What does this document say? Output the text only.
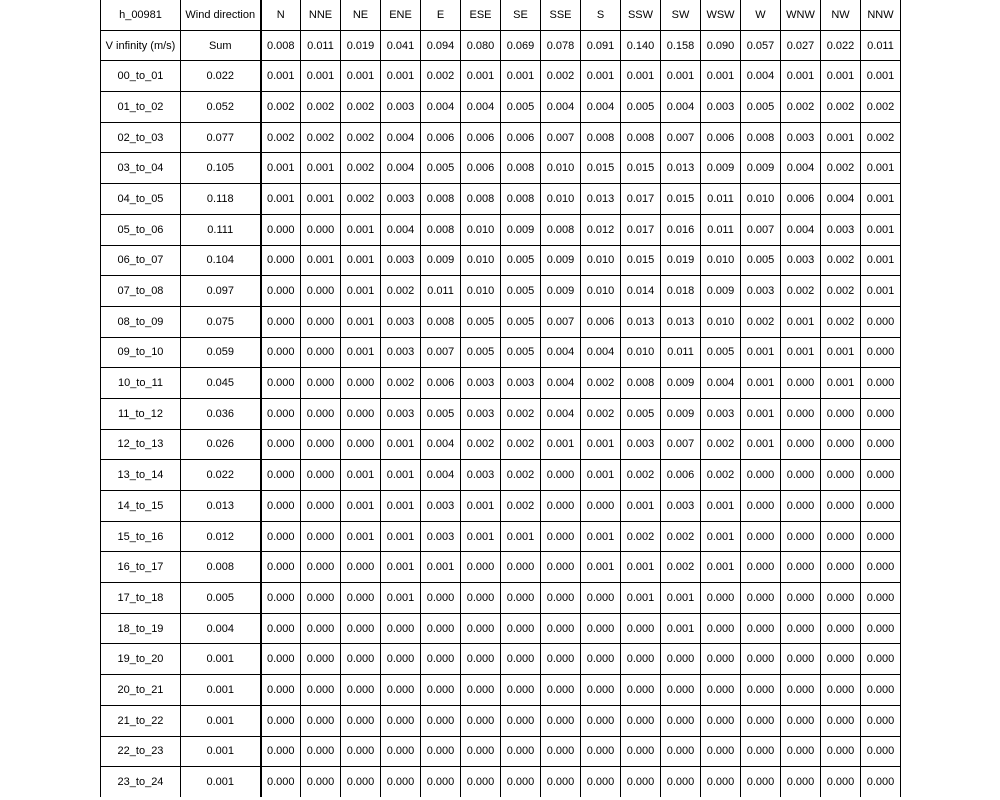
h_00981	Wind direction	N	NNE	NE	ENE	E	ESE	SE	SSE	S	SSW	SW	WSW	W	WNW	NW	NNW
V infinity (m/s)	Sum	0.008	0.011	0.019	0.041	0.094	0.080	0.069	0.078	0.091	0.140	0.158	0.090	0.057	0.027	0.022	0.011
00_to_01	0.022	0.001	0.001	0.001	0.001	0.002	0.001	0.001	0.002	0.001	0.001	0.001	0.001	0.004	0.001	0.001	0.001
01_to_02	0.052	0.002	0.002	0.002	0.003	0.004	0.004	0.005	0.004	0.004	0.005	0.004	0.003	0.005	0.002	0.002	0.002
02_to_03	0.077	0.002	0.002	0.002	0.004	0.006	0.006	0.006	0.007	0.008	0.008	0.007	0.006	0.008	0.003	0.001	0.002
03_to_04	0.105	0.001	0.001	0.002	0.004	0.005	0.006	0.008	0.010	0.015	0.015	0.013	0.009	0.009	0.004	0.002	0.001
04_to_05	0.118	0.001	0.001	0.002	0.003	0.008	0.008	0.008	0.010	0.013	0.017	0.015	0.011	0.010	0.006	0.004	0.001
05_to_06	0.111	0.000	0.000	0.001	0.004	0.008	0.010	0.009	0.008	0.012	0.017	0.016	0.011	0.007	0.004	0.003	0.001
06_to_07	0.104	0.000	0.001	0.001	0.003	0.009	0.010	0.005	0.009	0.010	0.015	0.019	0.010	0.005	0.003	0.002	0.001
07_to_08	0.097	0.000	0.000	0.001	0.002	0.011	0.010	0.005	0.009	0.010	0.014	0.018	0.009	0.003	0.002	0.002	0.001
08_to_09	0.075	0.000	0.000	0.001	0.003	0.008	0.005	0.005	0.007	0.006	0.013	0.013	0.010	0.002	0.001	0.002	0.000
09_to_10	0.059	0.000	0.000	0.001	0.003	0.007	0.005	0.005	0.004	0.004	0.010	0.011	0.005	0.001	0.001	0.001	0.000
10_to_11	0.045	0.000	0.000	0.000	0.002	0.006	0.003	0.003	0.004	0.002	0.008	0.009	0.004	0.001	0.000	0.001	0.000
11_to_12	0.036	0.000	0.000	0.000	0.003	0.005	0.003	0.002	0.004	0.002	0.005	0.009	0.003	0.001	0.000	0.000	0.000
12_to_13	0.026	0.000	0.000	0.000	0.001	0.004	0.002	0.002	0.001	0.001	0.003	0.007	0.002	0.001	0.000	0.000	0.000
13_to_14	0.022	0.000	0.000	0.001	0.001	0.004	0.003	0.002	0.000	0.001	0.002	0.006	0.002	0.000	0.000	0.000	0.000
14_to_15	0.013	0.000	0.000	0.001	0.001	0.003	0.001	0.002	0.000	0.000	0.001	0.003	0.001	0.000	0.000	0.000	0.000
15_to_16	0.012	0.000	0.000	0.001	0.001	0.003	0.001	0.001	0.000	0.001	0.002	0.002	0.001	0.000	0.000	0.000	0.000
16_to_17	0.008	0.000	0.000	0.000	0.001	0.001	0.000	0.000	0.000	0.001	0.001	0.002	0.001	0.000	0.000	0.000	0.000
17_to_18	0.005	0.000	0.000	0.000	0.001	0.000	0.000	0.000	0.000	0.000	0.001	0.001	0.000	0.000	0.000	0.000	0.000
18_to_19	0.004	0.000	0.000	0.000	0.000	0.000	0.000	0.000	0.000	0.000	0.000	0.001	0.000	0.000	0.000	0.000	0.000
19_to_20	0.001	0.000	0.000	0.000	0.000	0.000	0.000	0.000	0.000	0.000	0.000	0.000	0.000	0.000	0.000	0.000	0.000
20_to_21	0.001	0.000	0.000	0.000	0.000	0.000	0.000	0.000	0.000	0.000	0.000	0.000	0.000	0.000	0.000	0.000	0.000
21_to_22	0.001	0.000	0.000	0.000	0.000	0.000	0.000	0.000	0.000	0.000	0.000	0.000	0.000	0.000	0.000	0.000	0.000
22_to_23	0.001	0.000	0.000	0.000	0.000	0.000	0.000	0.000	0.000	0.000	0.000	0.000	0.000	0.000	0.000	0.000	0.000
23_to_24	0.001	0.000	0.000	0.000	0.000	0.000	0.000	0.000	0.000	0.000	0.000	0.000	0.000	0.000	0.000	0.000	0.000
